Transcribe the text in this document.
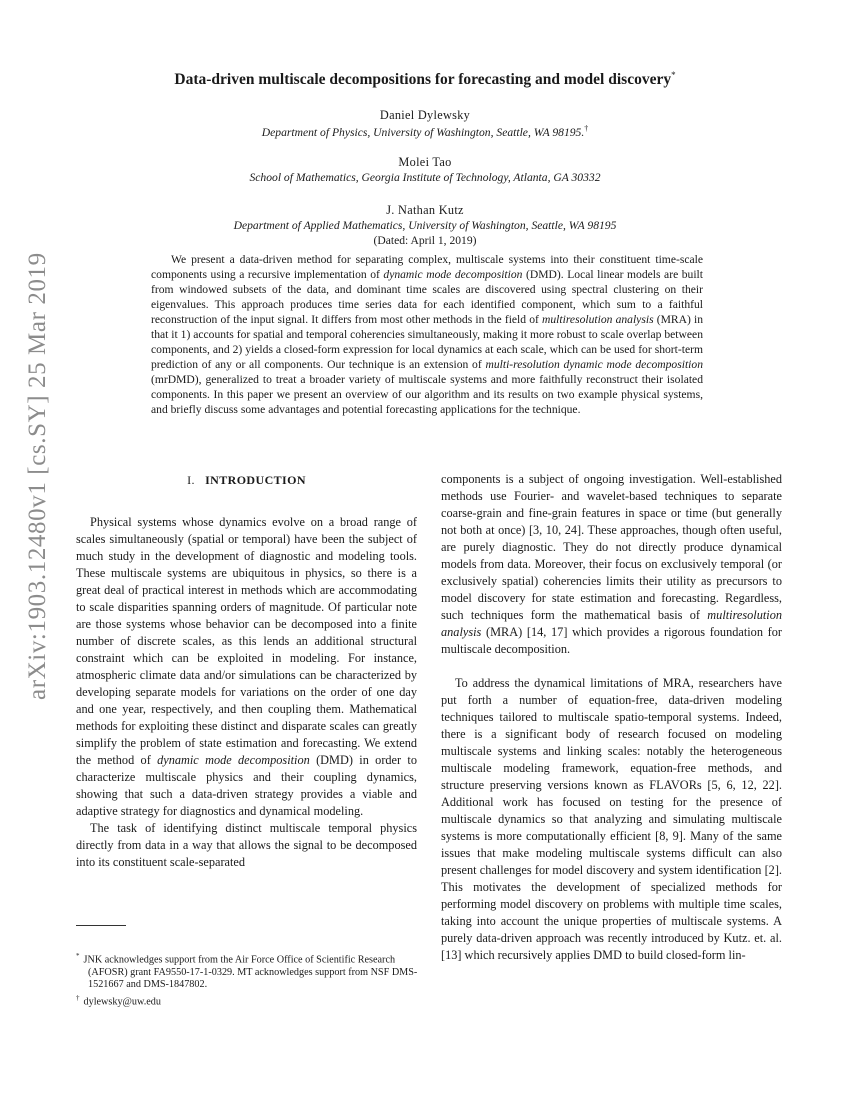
arXiv:1903.12480v1 [cs.SY] 25 Mar 2019
Data-driven multiscale decompositions for forecasting and model discovery*
Daniel Dylewsky
Department of Physics, University of Washington, Seattle, WA 98195.†
Molei Tao
School of Mathematics, Georgia Institute of Technology, Atlanta, GA 30332
J. Nathan Kutz
Department of Applied Mathematics, University of Washington, Seattle, WA 98195
(Dated: April 1, 2019)
We present a data-driven method for separating complex, multiscale systems into their constituent time-scale components using a recursive implementation of dynamic mode decomposition (DMD). Local linear models are built from windowed subsets of the data, and dominant time scales are discovered using spectral clustering on their eigenvalues. This approach produces time series data for each identified component, which sum to a faithful reconstruction of the input signal. It differs from most other methods in the field of multiresolution analysis (MRA) in that it 1) accounts for spatial and temporal coherencies simultaneously, making it more robust to scale overlap between components, and 2) yields a closed-form expression for local dynamics at each scale, which can be used for short-term prediction of any or all components. Our technique is an extension of multi-resolution dynamic mode decomposition (mrDMD), generalized to treat a broader variety of multiscale systems and more faithfully reconstruct their isolated components. In this paper we present an overview of our algorithm and its results on two example physical systems, and briefly discuss some advantages and potential forecasting applications for the technique.
I. INTRODUCTION

Physical systems whose dynamics evolve on a broad range of scales simultaneously (spatial or temporal) have been the subject of much study in the development of diagnostic and modeling tools. These multiscale systems are ubiquitous in physics, so there is a great deal of practical interest in methods which are accommodating to scale disparities spanning orders of magnitude. Of particular note are those systems whose behavior can be decomposed into a finite number of discrete scales, as this lends an additional structural constraint which can be exploited in modeling. For instance, atmospheric climate data and/or simulations can be characterized by developing separate models for variations on the order of one day and one year, respectively, and then coupling them. Mathematical methods for exploiting these distinct and disparate scales can greatly simplify the problem of state estimation and forecasting. We extend the method of dynamic mode decomposition (DMD) in order to characterize multiscale physics and their coupling dynamics, showing that such a data-driven strategy provides a viable and adaptive strategy for diagnostics and dynamical modeling.

The task of identifying distinct multiscale temporal physics directly from data in a way that allows the signal to be decomposed into its constituent scale-separated

components is a subject of ongoing investigation. Well-established methods use Fourier- and wavelet-based techniques to separate coarse-grain and fine-grain features in space or time (but generally not both at once) [3, 10, 24]. These approaches, though often useful, are purely diagnostic. They do not directly produce dynamical models from data. Moreover, their focus on exclusively temporal (or exclusively spatial) coherencies limits their utility as precursors to model discovery for state estimation and forecasting. Regardless, such techniques form the mathematical basis of multiresolution analysis (MRA) [14, 17] which provides a rigorous foundation for multiscale decomposition.

To address the dynamical limitations of MRA, researchers have put forth a number of equation-free, data-driven modeling techniques tailored to multiscale spatio-temporal systems. Indeed, there is a significant body of research focused on modeling multiscale systems and linking scales: notably the heterogeneous multiscale modeling framework, equation-free methods, and structure preserving versions known as FLAVORs [5, 6, 12, 22]. Additional work has focused on testing for the presence of multiscale dynamics so that analyzing and simulating multiscale systems is more computationally efficient [8, 9]. Many of the same issues that make modeling multiscale systems difficult can also present challenges for model discovery and system identification [2]. This motivates the development of specialized methods for performing model discovery on problems with multiple time scales, taking into account the unique properties of multiscale systems. A purely data-driven approach was recently introduced by Kutz. et. al.[13] which recursively applies DMD to build closed-form lin-

* JNK acknowledges support from the Air Force Office of Scientific Research (AFOSR) grant FA9550-17-1-0329. MT acknowledges support from NSF DMS-1521667 and DMS-1847802.

† dylewsky@uw.edu
